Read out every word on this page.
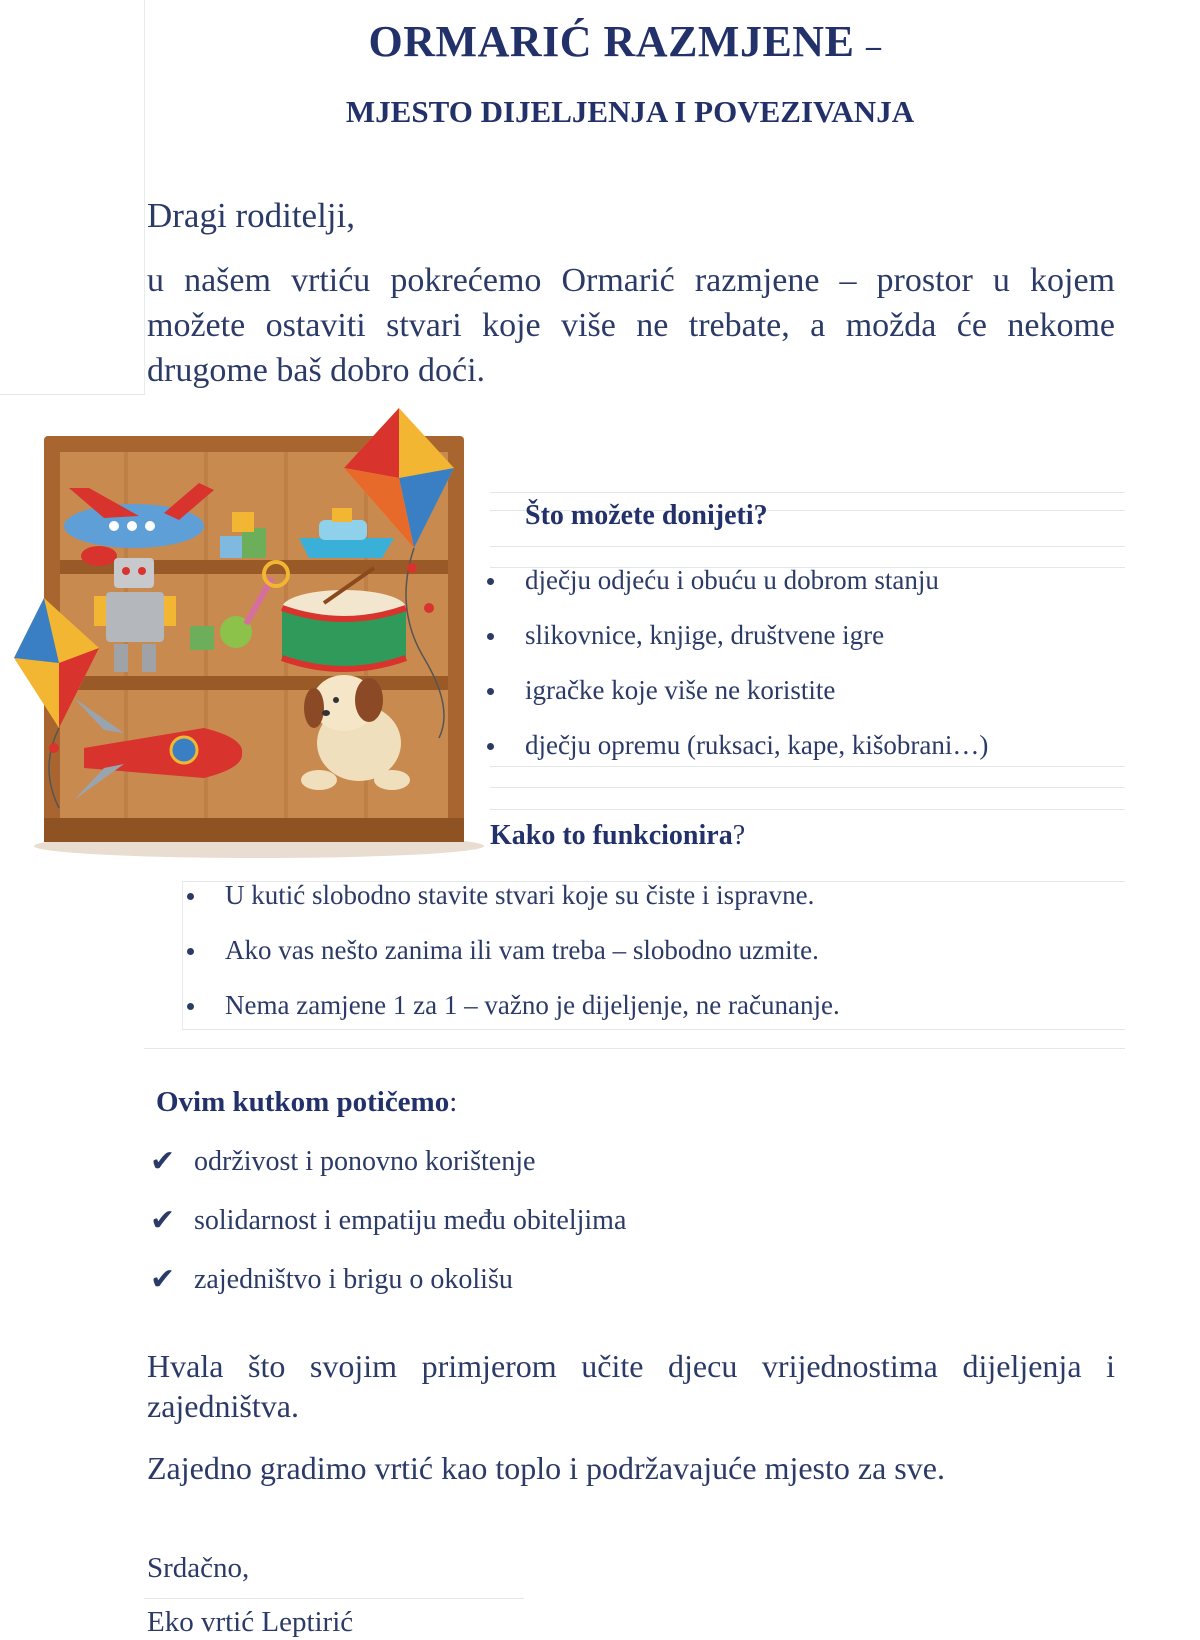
ORMARIĆ RAZMJENE –
MJESTO DIJELJENJA I POVEZIVANJA
Dragi roditelji,
u našem vrtiću pokrećemo Ormarić razmjene – prostor u kojem možete ostaviti stvari koje više ne trebate, a možda će nekome drugome baš dobro doći.
Što možete donijeti?
dječju odjeću i obuću u dobrom stanju
slikovnice, knjige, društvene igre
igračke koje više ne koristite
dječju opremu (ruksaci, kape, kišobrani…)
Kako to funkcionira?
U kutić slobodno stavite stvari koje su čiste i ispravne.
Ako vas nešto zanima ili vam treba – slobodno uzmite.
Nema zamjene 1 za 1 – važno je dijeljenje, ne računanje.
Ovim kutkom potičemo:
✔ održivost i ponovno korištenje
✔ solidarnost i empatiju među obiteljima
✔ zajedništvo i brigu o okolišu
Hvala što svojim primjerom učite djecu vrijednostima dijeljenja i zajedništva.
Zajedno gradimo vrtić kao toplo i podržavajuće mjesto za sve.
Srdačno,
Eko vrtić Leptirić
